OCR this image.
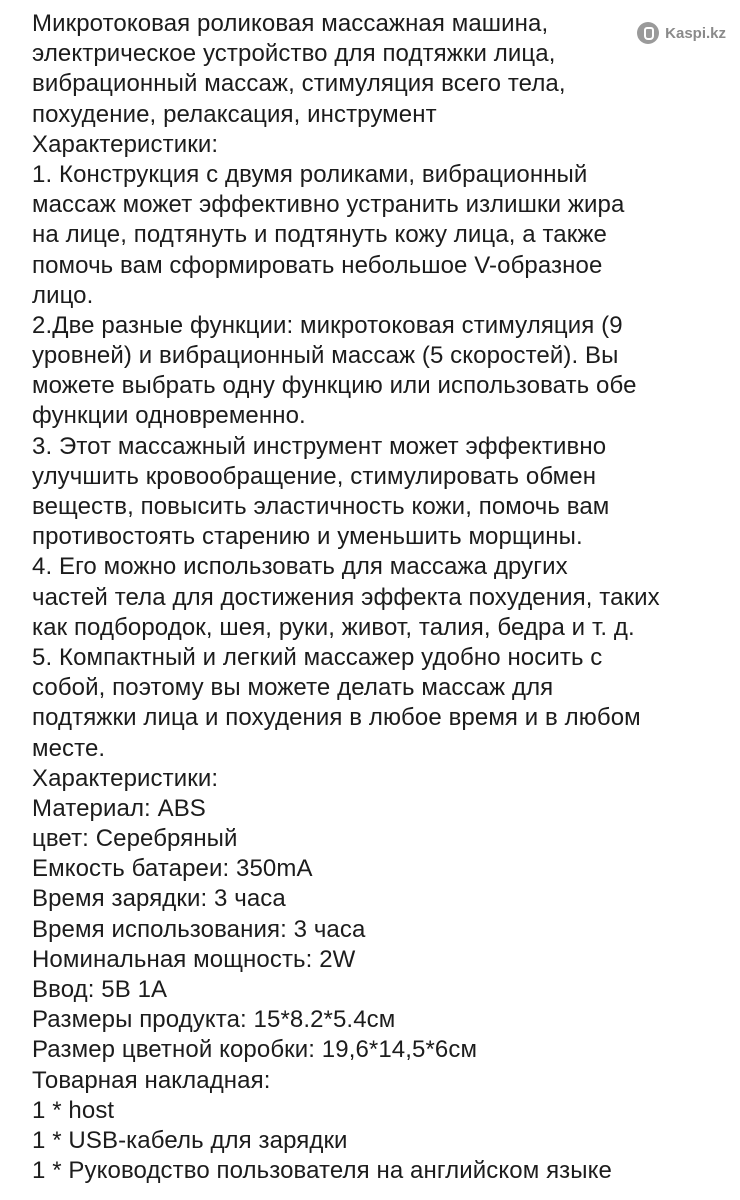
Kaspi.kz
Микротоковая роликовая массажная машина,
электрическое устройство для подтяжки лица,
вибрационный массаж, стимуляция всего тела,
похудение, релаксация, инструмент
Характеристики:
1. Конструкция с двумя роликами, вибрационный
массаж может эффективно устранить излишки жира
на лице, подтянуть и подтянуть кожу лица, а также
помочь вам сформировать небольшое V-образное
лицо.
2.Две разные функции: микротоковая стимуляция (9
уровней) и вибрационный массаж (5 скоростей). Вы
можете выбрать одну функцию или использовать обе
функции одновременно.
3. Этот массажный инструмент может эффективно
улучшить кровообращение, стимулировать обмен
веществ, повысить эластичность кожи, помочь вам
противостоять старению и уменьшить морщины.
4. Его можно использовать для массажа других
частей тела для достижения эффекта похудения, таких
как подбородок, шея, руки, живот, талия, бедра и т. д.
5. Компактный и легкий массажер удобно носить с
собой, поэтому вы можете делать массаж для
подтяжки лица и похудения в любое время и в любом
месте.
Характеристики:
Материал: ABS
цвет: Серебряный
Емкость батареи: 350mA
Время зарядки: 3 часа
Время использования: 3 часа
Номинальная мощность: 2W
Ввод: 5В 1А
Размеры продукта: 15*8.2*5.4см
Размер цветной коробки: 19,6*14,5*6см
Товарная накладная:
1 * host
1 * USB-кабель для зарядки
1 * Руководство пользователя на английском языке
